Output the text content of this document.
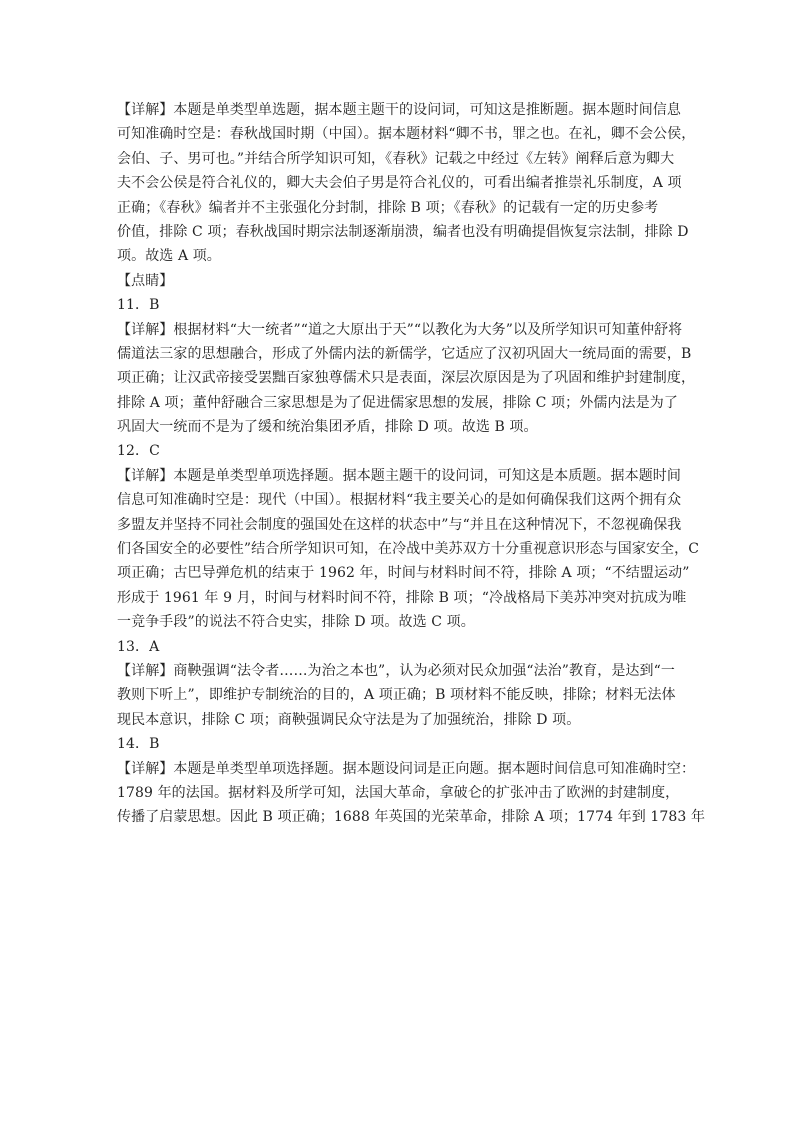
【详解】本题是单类型单选题，据本题主题干的设问词，可知这是推断题。据本题时间信息
可知准确时空是：春秋战国时期（中国）。据本题材料“卿不书，罪之也。在礼，卿不会公侯，
会伯、子、男可也。”并结合所学知识可知，《春秋》记载之中经过《左转》阐释后意为卿大
夫不会公侯是符合礼仪的，卿大夫会伯子男是符合礼仪的，可看出编者推崇礼乐制度，A 项
正确；《春秋》编者并不主张强化分封制，排除 B 项；《春秋》的记载有一定的历史参考
价值，排除 C 项；春秋战国时期宗法制逐渐崩溃，编者也没有明确提倡恢复宗法制，排除 D
项。故选 A 项。
【点睛】
11．B
【详解】根据材料“大一统者”“道之大原出于天”“以教化为大务”以及所学知识可知董仲舒将
儒道法三家的思想融合，形成了外儒内法的新儒学，它适应了汉初巩固大一统局面的需要，B
项正确；让汉武帝接受罢黜百家独尊儒术只是表面，深层次原因是为了巩固和维护封建制度，
排除 A 项；董仲舒融合三家思想是为了促进儒家思想的发展，排除 C 项；外儒内法是为了
巩固大一统而不是为了缓和统治集团矛盾，排除 D 项。故选 B 项。
12．C
【详解】本题是单类型单项选择题。据本题主题干的设问词，可知这是本质题。据本题时间
信息可知准确时空是：现代（中国）。根据材料“我主要关心的是如何确保我们这两个拥有众
多盟友并坚持不同社会制度的强国处在这样的状态中”与“并且在这种情况下，不忽视确保我
们各国安全的必要性”结合所学知识可知，在冷战中美苏双方十分重视意识形态与国家安全，C
项正确；古巴导弹危机的结束于 1962 年，时间与材料时间不符，排除 A 项；“不结盟运动”
形成于 1961 年 9 月，时间与材料时间不符，排除 B 项；“冷战格局下美苏冲突对抗成为唯
一竞争手段”的说法不符合史实，排除 D 项。故选 C 项。
13．A
【详解】商鞅强调“法令者……为治之本也”，认为必须对民众加强“法治”教育，是达到“一
教则下听上”，即维护专制统治的目的，A 项正确；B 项材料不能反映，排除；材料无法体
现民本意识，排除 C 项；商鞅强调民众守法是为了加强统治，排除 D 项。
14．B
【详解】本题是单类型单项选择题。据本题设问词是正向题。据本题时间信息可知准确时空：
1789 年的法国。据材料及所学可知，法国大革命，拿破仑的扩张冲击了欧洲的封建制度，
传播了启蒙思想。因此 B 项正确；1688 年英国的光荣革命，排除 A 项；1774 年到 1783 年
